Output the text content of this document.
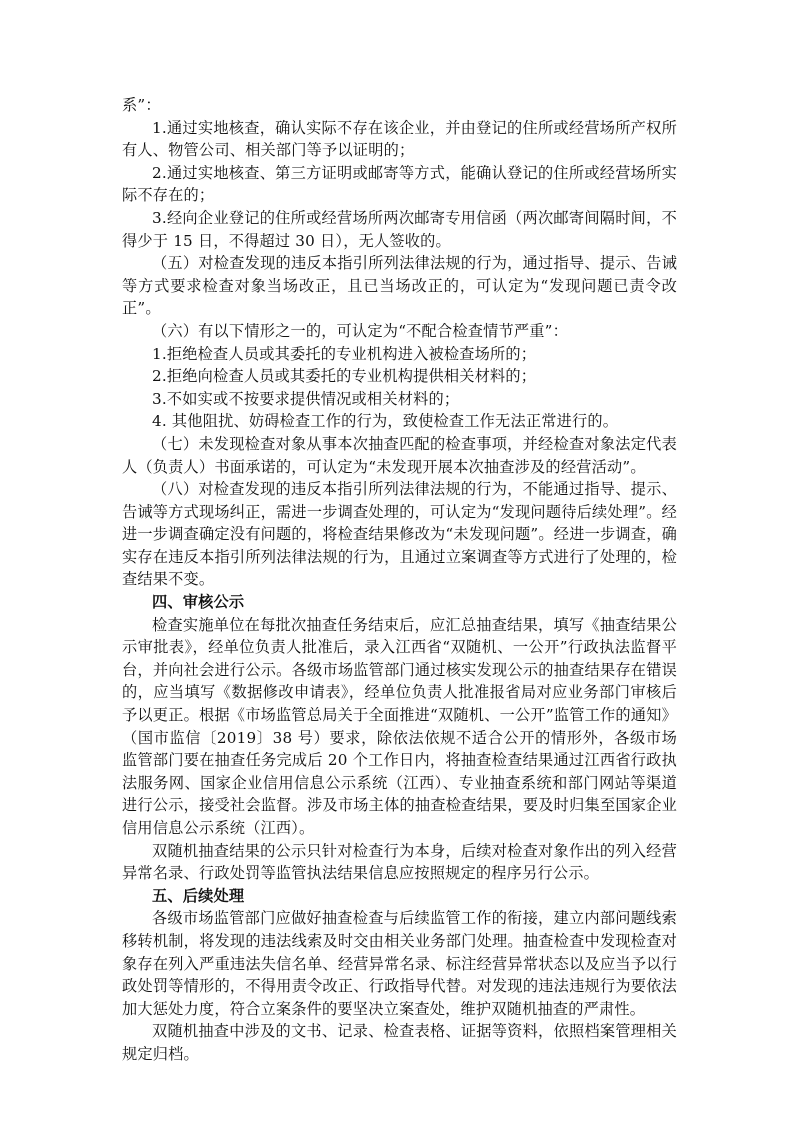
系”：

1.通过实地核查，确认实际不存在该企业，并由登记的住所或经营场所产权所有人、物管公司、相关部门等予以证明的；

2.通过实地核查、第三方证明或邮寄等方式，能确认登记的住所或经营场所实际不存在的；

3.经向企业登记的住所或经营场所两次邮寄专用信函（两次邮寄间隔时间，不得少于 15 日，不得超过 30 日），无人签收的。

（五）对检查发现的违反本指引所列法律法规的行为，通过指导、提示、告诫等方式要求检查对象当场改正，且已当场改正的，可认定为“发现问题已责令改正”。

（六）有以下情形之一的，可认定为“不配合检查情节严重”：

1.拒绝检查人员或其委托的专业机构进入被检查场所的；

2.拒绝向检查人员或其委托的专业机构提供相关材料的；

3.不如实或不按要求提供情况或相关材料的；

4. 其他阻扰、妨碍检查工作的行为，致使检查工作无法正常进行的。

（七）未发现检查对象从事本次抽查匹配的检查事项，并经检查对象法定代表人（负责人）书面承诺的，可认定为“未发现开展本次抽查涉及的经营活动”。

（八）对检查发现的违反本指引所列法律法规的行为，不能通过指导、提示、告诫等方式现场纠正，需进一步调查处理的，可认定为“发现问题待后续处理”。经进一步调查确定没有问题的，将检查结果修改为“未发现问题”。经进一步调查，确实存在违反本指引所列法律法规的行为，且通过立案调查等方式进行了处理的，检查结果不变。

四、审核公示

检查实施单位在每批次抽查任务结束后，应汇总抽查结果，填写《抽查结果公示审批表》，经单位负责人批准后，录入江西省“双随机、一公开”行政执法监督平台，并向社会进行公示。各级市场监管部门通过核实发现公示的抽查结果存在错误的，应当填写《数据修改申请表》，经单位负责人批准报省局对应业务部门审核后予以更正。根据《市场监管总局关于全面推进“双随机、一公开”监管工作的通知》（国市监信〔2019〕38 号）要求，除依法依规不适合公开的情形外，各级市场监管部门要在抽查任务完成后 20 个工作日内，将抽查检查结果通过江西省行政执法服务网、国家企业信用信息公示系统（江西）、专业抽查系统和部门网站等渠道进行公示，接受社会监督。涉及市场主体的抽查检查结果，要及时归集至国家企业信用信息公示系统（江西）。

双随机抽查结果的公示只针对检查行为本身，后续对检查对象作出的列入经营异常名录、行政处罚等监管执法结果信息应按照规定的程序另行公示。

五、后续处理

各级市场监管部门应做好抽查检查与后续监管工作的衔接，建立内部问题线索移转机制，将发现的违法线索及时交由相关业务部门处理。抽查检查中发现检查对象存在列入严重违法失信名单、经营异常名录、标注经营异常状态以及应当予以行政处罚等情形的，不得用责令改正、行政指导代替。对发现的违法违规行为要依法加大惩处力度，符合立案条件的要坚决立案查处，维护双随机抽查的严肃性。

双随机抽查中涉及的文书、记录、检查表格、证据等资料，依照档案管理相关规定归档。
